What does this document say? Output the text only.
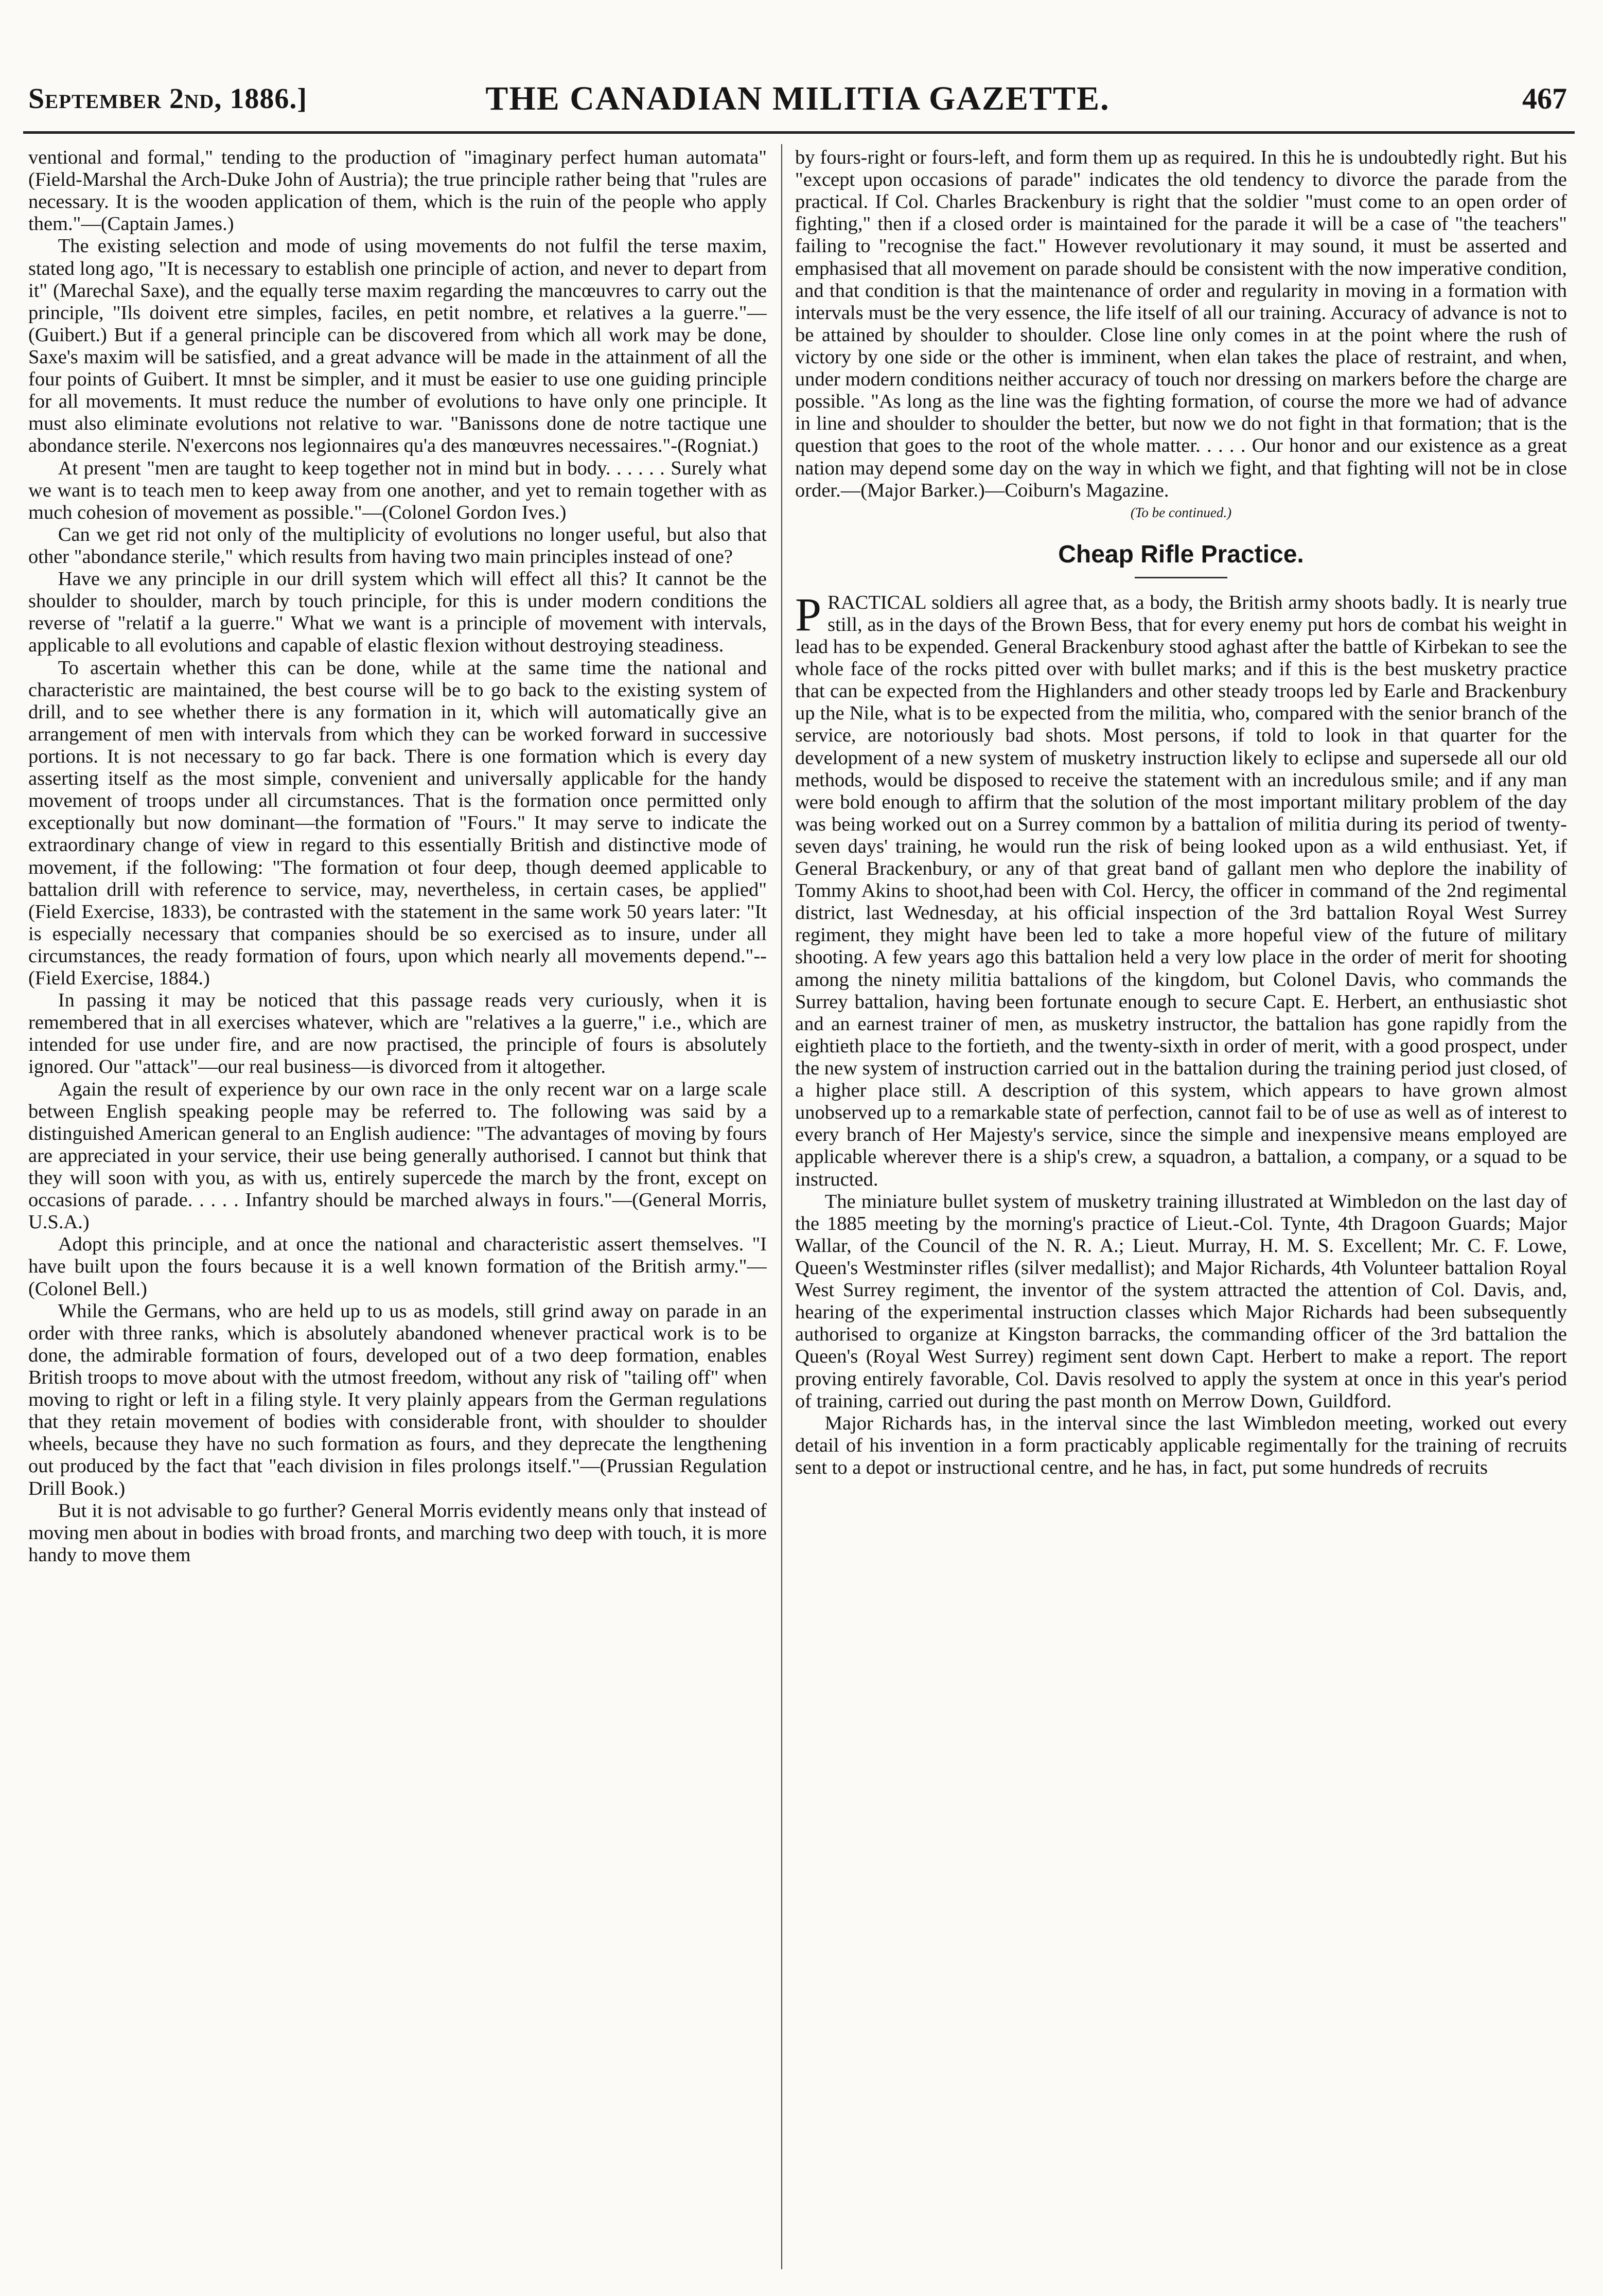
September 2nd, 1886.]	THE CANADIAN MILITIA GAZETTE.	467

ventional and formal," tending to the production of "imaginary perfect human automata" (Field-Marshal the Arch-Duke John of Austria); the true principle rather being that "rules are necessary. It is the wooden application of them, which is the ruin of the people who apply them."—(Captain James.)

The existing selection and mode of using movements do not fulfil the terse maxim, stated long ago, "It is necessary to establish one principle of action, and never to depart from it" (Marechal Saxe), and the equally terse maxim regarding the mancœuvres to carry out the principle, "Ils doivent etre simples, faciles, en petit nombre, et relatives a la guerre."—(Guibert.) But if a general principle can be discovered from which all work may be done, Saxe's maxim will be satisfied, and a great advance will be made in the attainment of all the four points of Guibert. It mnst be simpler, and it must be easier to use one guiding principle for all movements. It must reduce the number of evolutions to have only one principle. It must also eliminate evolutions not relative to war. "Banissons done de notre tactique une abondance sterile. N'exercons nos legionnaires qu'a des manœuvres necessaires."-(Rogniat.)

At present "men are taught to keep together not in mind but in body. . . . . . Surely what we want is to teach men to keep away from one another, and yet to remain together with as much cohesion of movement as possible."—(Colonel Gordon Ives.)

Can we get rid not only of the multiplicity of evolutions no longer useful, but also that other "abondance sterile," which results from having two main principles instead of one?

Have we any principle in our drill system which will effect all this? It cannot be the shoulder to shoulder, march by touch principle, for this is under modern conditions the reverse of "relatif a la guerre." What we want is a principle of movement with intervals, applicable to all evolutions and capable of elastic flexion without destroying steadiness.

To ascertain whether this can be done, while at the same time the national and characteristic are maintained, the best course will be to go back to the existing system of drill, and to see whether there is any formation in it, which will automatically give an arrangement of men with intervals from which they can be worked forward in successive portions. It is not necessary to go far back. There is one formation which is every day asserting itself as the most simple, convenient and universally applicable for the handy movement of troops under all circumstances. That is the formation once permitted only exceptionally but now dominant—the formation of "Fours." It may serve to indicate the extraordinary change of view in regard to this essentially British and distinctive mode of movement, if the following: "The formation ot four deep, though deemed applicable to battalion drill with reference to service, may, nevertheless, in certain cases, be applied" (Field Exercise, 1833), be contrasted with the statement in the same work 50 years later: "It is especially necessary that companies should be so exercised as to insure, under all circumstances, the ready formation of fours, upon which nearly all movements depend."--(Field Exercise, 1884.)

In passing it may be noticed that this passage reads very curiously, when it is remembered that in all exercises whatever, which are "relatives a la guerre," i.e., which are intended for use under fire, and are now practised, the principle of fours is absolutely ignored. Our "attack"—our real business—is divorced from it altogether.

Again the result of experience by our own race in the only recent war on a large scale between English speaking people may be referred to. The following was said by a distinguished American general to an English audience: "The advantages of moving by fours are appreciated in your service, their use being generally authorised. I cannot but think that they will soon with you, as with us, entirely supercede the march by the front, except on occasions of parade. . . . . Infantry should be marched always in fours."—(General Morris, U.S.A.)

Adopt this principle, and at once the national and characteristic assert themselves. "I have built upon the fours because it is a well known formation of the British army."—(Colonel Bell.)

While the Germans, who are held up to us as models, still grind away on parade in an order with three ranks, which is absolutely abandoned whenever practical work is to be done, the admirable formation of fours, developed out of a two deep formation, enables British troops to move about with the utmost freedom, without any risk of "tailing off" when moving to right or left in a filing style. It very plainly appears from the German regulations that they retain movement of bodies with considerable front, with shoulder to shoulder wheels, because they have no such formation as fours, and they deprecate the lengthening out produced by the fact that "each division in files prolongs itself."—(Prussian Regulation Drill Book.)

But it is not advisable to go further? General Morris evidently means only that instead of moving men about in bodies with broad fronts, and marching two deep with touch, it is more handy to move them

by fours-right or fours-left, and form them up as required. In this he is undoubtedly right. But his "except upon occasions of parade" indicates the old tendency to divorce the parade from the practical. If Col. Charles Brackenbury is right that the soldier "must come to an open order of fighting," then if a closed order is maintained for the parade it will be a case of "the teachers" failing to "recognise the fact." However revolutionary it may sound, it must be asserted and emphasised that all movement on parade should be consistent with the now imperative condition, and that condition is that the maintenance of order and regularity in moving in a formation with intervals must be the very essence, the life itself of all our training. Accuracy of advance is not to be attained by shoulder to shoulder. Close line only comes in at the point where the rush of victory by one side or the other is imminent, when elan takes the place of restraint, and when, under modern conditions neither accuracy of touch nor dressing on markers before the charge are possible. "As long as the line was the fighting formation, of course the more we had of advance in line and shoulder to shoulder the better, but now we do not fight in that formation; that is the question that goes to the root of the whole matter. . . . . Our honor and our existence as a great nation may depend some day on the way in which we fight, and that fighting will not be in close order.—(Major Barker.)—Coiburn's Magazine.

(To be continued.)
Cheap Rifle Practice.

PRACTICAL soldiers all agree that, as a body, the British army shoots badly. It is nearly true still, as in the days of the Brown Bess, that for every enemy put hors de combat his weight in lead has to be expended. General Brackenbury stood aghast after the battle of Kirbekan to see the whole face of the rocks pitted over with bullet marks; and if this is the best musketry practice that can be expected from the Highlanders and other steady troops led by Earle and Brackenbury up the Nile, what is to be expected from the militia, who, compared with the senior branch of the service, are notoriously bad shots. Most persons, if told to look in that quarter for the development of a new system of musketry instruction likely to eclipse and supersede all our old methods, would be disposed to receive the statement with an incredulous smile; and if any man were bold enough to affirm that the solution of the most important military problem of the day was being worked out on a Surrey common by a battalion of militia during its period of twenty-seven days' training, he would run the risk of being looked upon as a wild enthusiast. Yet, if General Brackenbury, or any of that great band of gallant men who deplore the inability of Tommy Akins to shoot,had been with Col. Hercy, the officer in command of the 2nd regimental district, last Wednesday, at his official inspection of the 3rd battalion Royal West Surrey regiment, they might have been led to take a more hopeful view of the future of military shooting. A few years ago this battalion held a very low place in the order of merit for shooting among the ninety militia battalions of the kingdom, but Colonel Davis, who commands the Surrey battalion, having been fortunate enough to secure Capt. E. Herbert, an enthusiastic shot and an earnest trainer of men, as musketry instructor, the battalion has gone rapidly from the eightieth place to the fortieth, and the twenty-sixth in order of merit, with a good prospect, under the new system of instruction carried out in the battalion during the training period just closed, of a higher place still. A description of this system, which appears to have grown almost unobserved up to a remarkable state of perfection, cannot fail to be of use as well as of interest to every branch of Her Majesty's service, since the simple and inexpensive means employed are applicable wherever there is a ship's crew, a squadron, a battalion, a company, or a squad to be instructed.

The miniature bullet system of musketry training illustrated at Wimbledon on the last day of the 1885 meeting by the morning's practice of Lieut.-Col. Tynte, 4th Dragoon Guards; Major Wallar, of the Council of the N. R. A.; Lieut. Murray, H. M. S. Excellent; Mr. C. F. Lowe, Queen's Westminster rifles (silver medallist); and Major Richards, 4th Volunteer battalion Royal West Surrey regiment, the inventor of the system attracted the attention of Col. Davis, and, hearing of the experimental instruction classes which Major Richards had been subsequently authorised to organize at Kingston barracks, the commanding officer of the 3rd battalion the Queen's (Royal West Surrey) regiment sent down Capt. Herbert to make a report. The report proving entirely favorable, Col. Davis resolved to apply the system at once in this year's period of training, carried out during the past month on Merrow Down, Guildford.

Major Richards has, in the interval since the last Wimbledon meeting, worked out every detail of his invention in a form practicably applicable regimentally for the training of recruits sent to a depot or instructional centre, and he has, in fact, put some hundreds of recruits
